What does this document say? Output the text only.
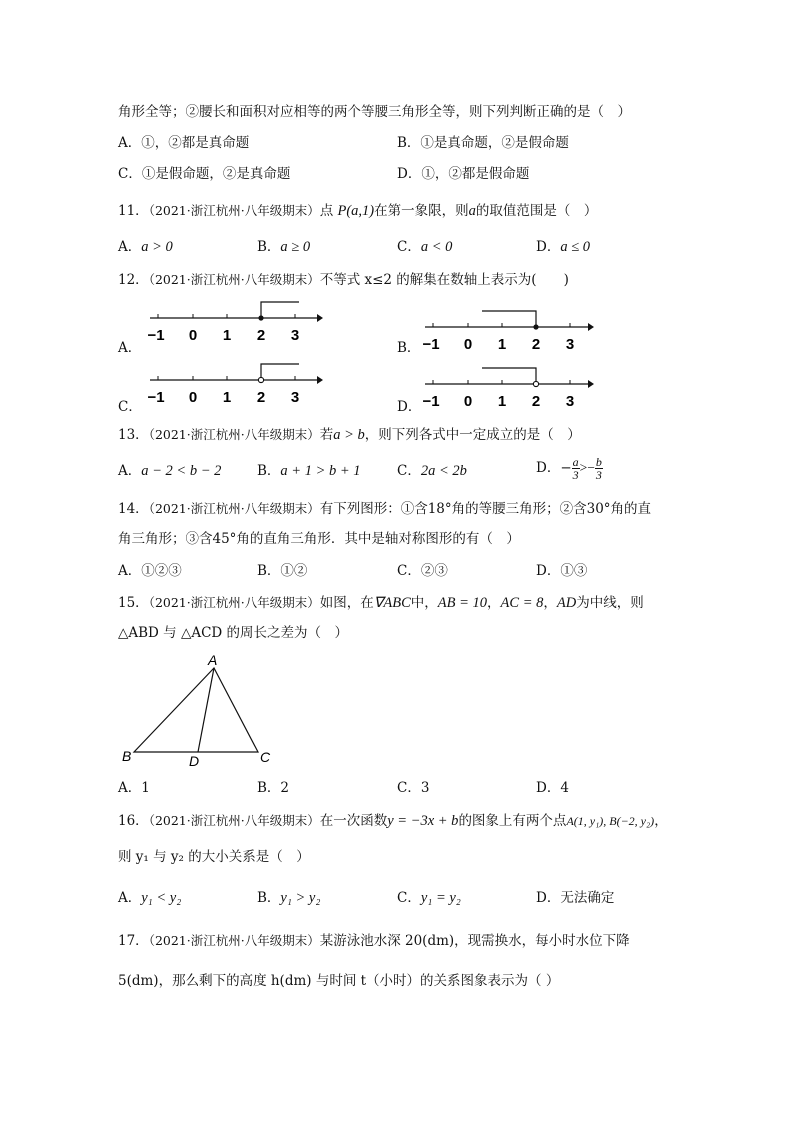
角形全等；②腰长和面积对应相等的两个等腰三角形全等，则下列判断正确的是（　）
A．①，②都是真命题	B．①是真命题，②是假命题
C．①是假命题，②是真命题	D．①，②都是假命题
11．（2021·浙江杭州·八年级期末）点 P(a,1)在第一象限，则a的取值范围是（　）
A．a > 0	B．a ≥ 0	C．a < 0	D．a ≤ 0
12．（2021·浙江杭州·八年级期末）不等式 x≤2 的解集在数轴上表示为(　　)
A．
−1 0 1 2 3
B． −1 0 1 2 3
C．
−1 0 1 2 3
D． −1 0 1 2 3
13．（2021·浙江杭州·八年级期末）若a > b，则下列各式中一定成立的是（　）
A．a − 2 < b − 2	B．a + 1 > b + 1	C．2a < 2b	D．− $\frac{a}{3} >- \frac{b}{3}$
14．（2021·浙江杭州·八年级期末）有下列图形：①含18°角的等腰三角形；②含30°角的直
角三角形；③含45°角的直角三角形．其中是轴对称图形的有（　）
A．①②③	B．①②	C．②③	D．①③
15．（2021·浙江杭州·八年级期末）如图，在∇ABC中，AB = 10，AC = 8，AD为中线，则
△ABD 与 △ACD 的周长之差为（　）
A
B	C
D
A．1	B．2	C．3	D．4
16．（2021·浙江杭州·八年级期末）在一次函数y = −3x + b的图象上有两个点A(1, y₁), B(−2, y₂)，
则 y₁ 与 y₂ 的大小关系是（　）
A．y₁ < y₂	B．y₁ > y₂	C．y₁ = y₂	D．无法确定
17．（2021·浙江杭州·八年级期末）某游泳池水深 20(dm)，现需换水，每小时水位下降
5(dm)，那么剩下的高度 h(dm) 与时间 t（小时）的关系图象表示为（ ）
